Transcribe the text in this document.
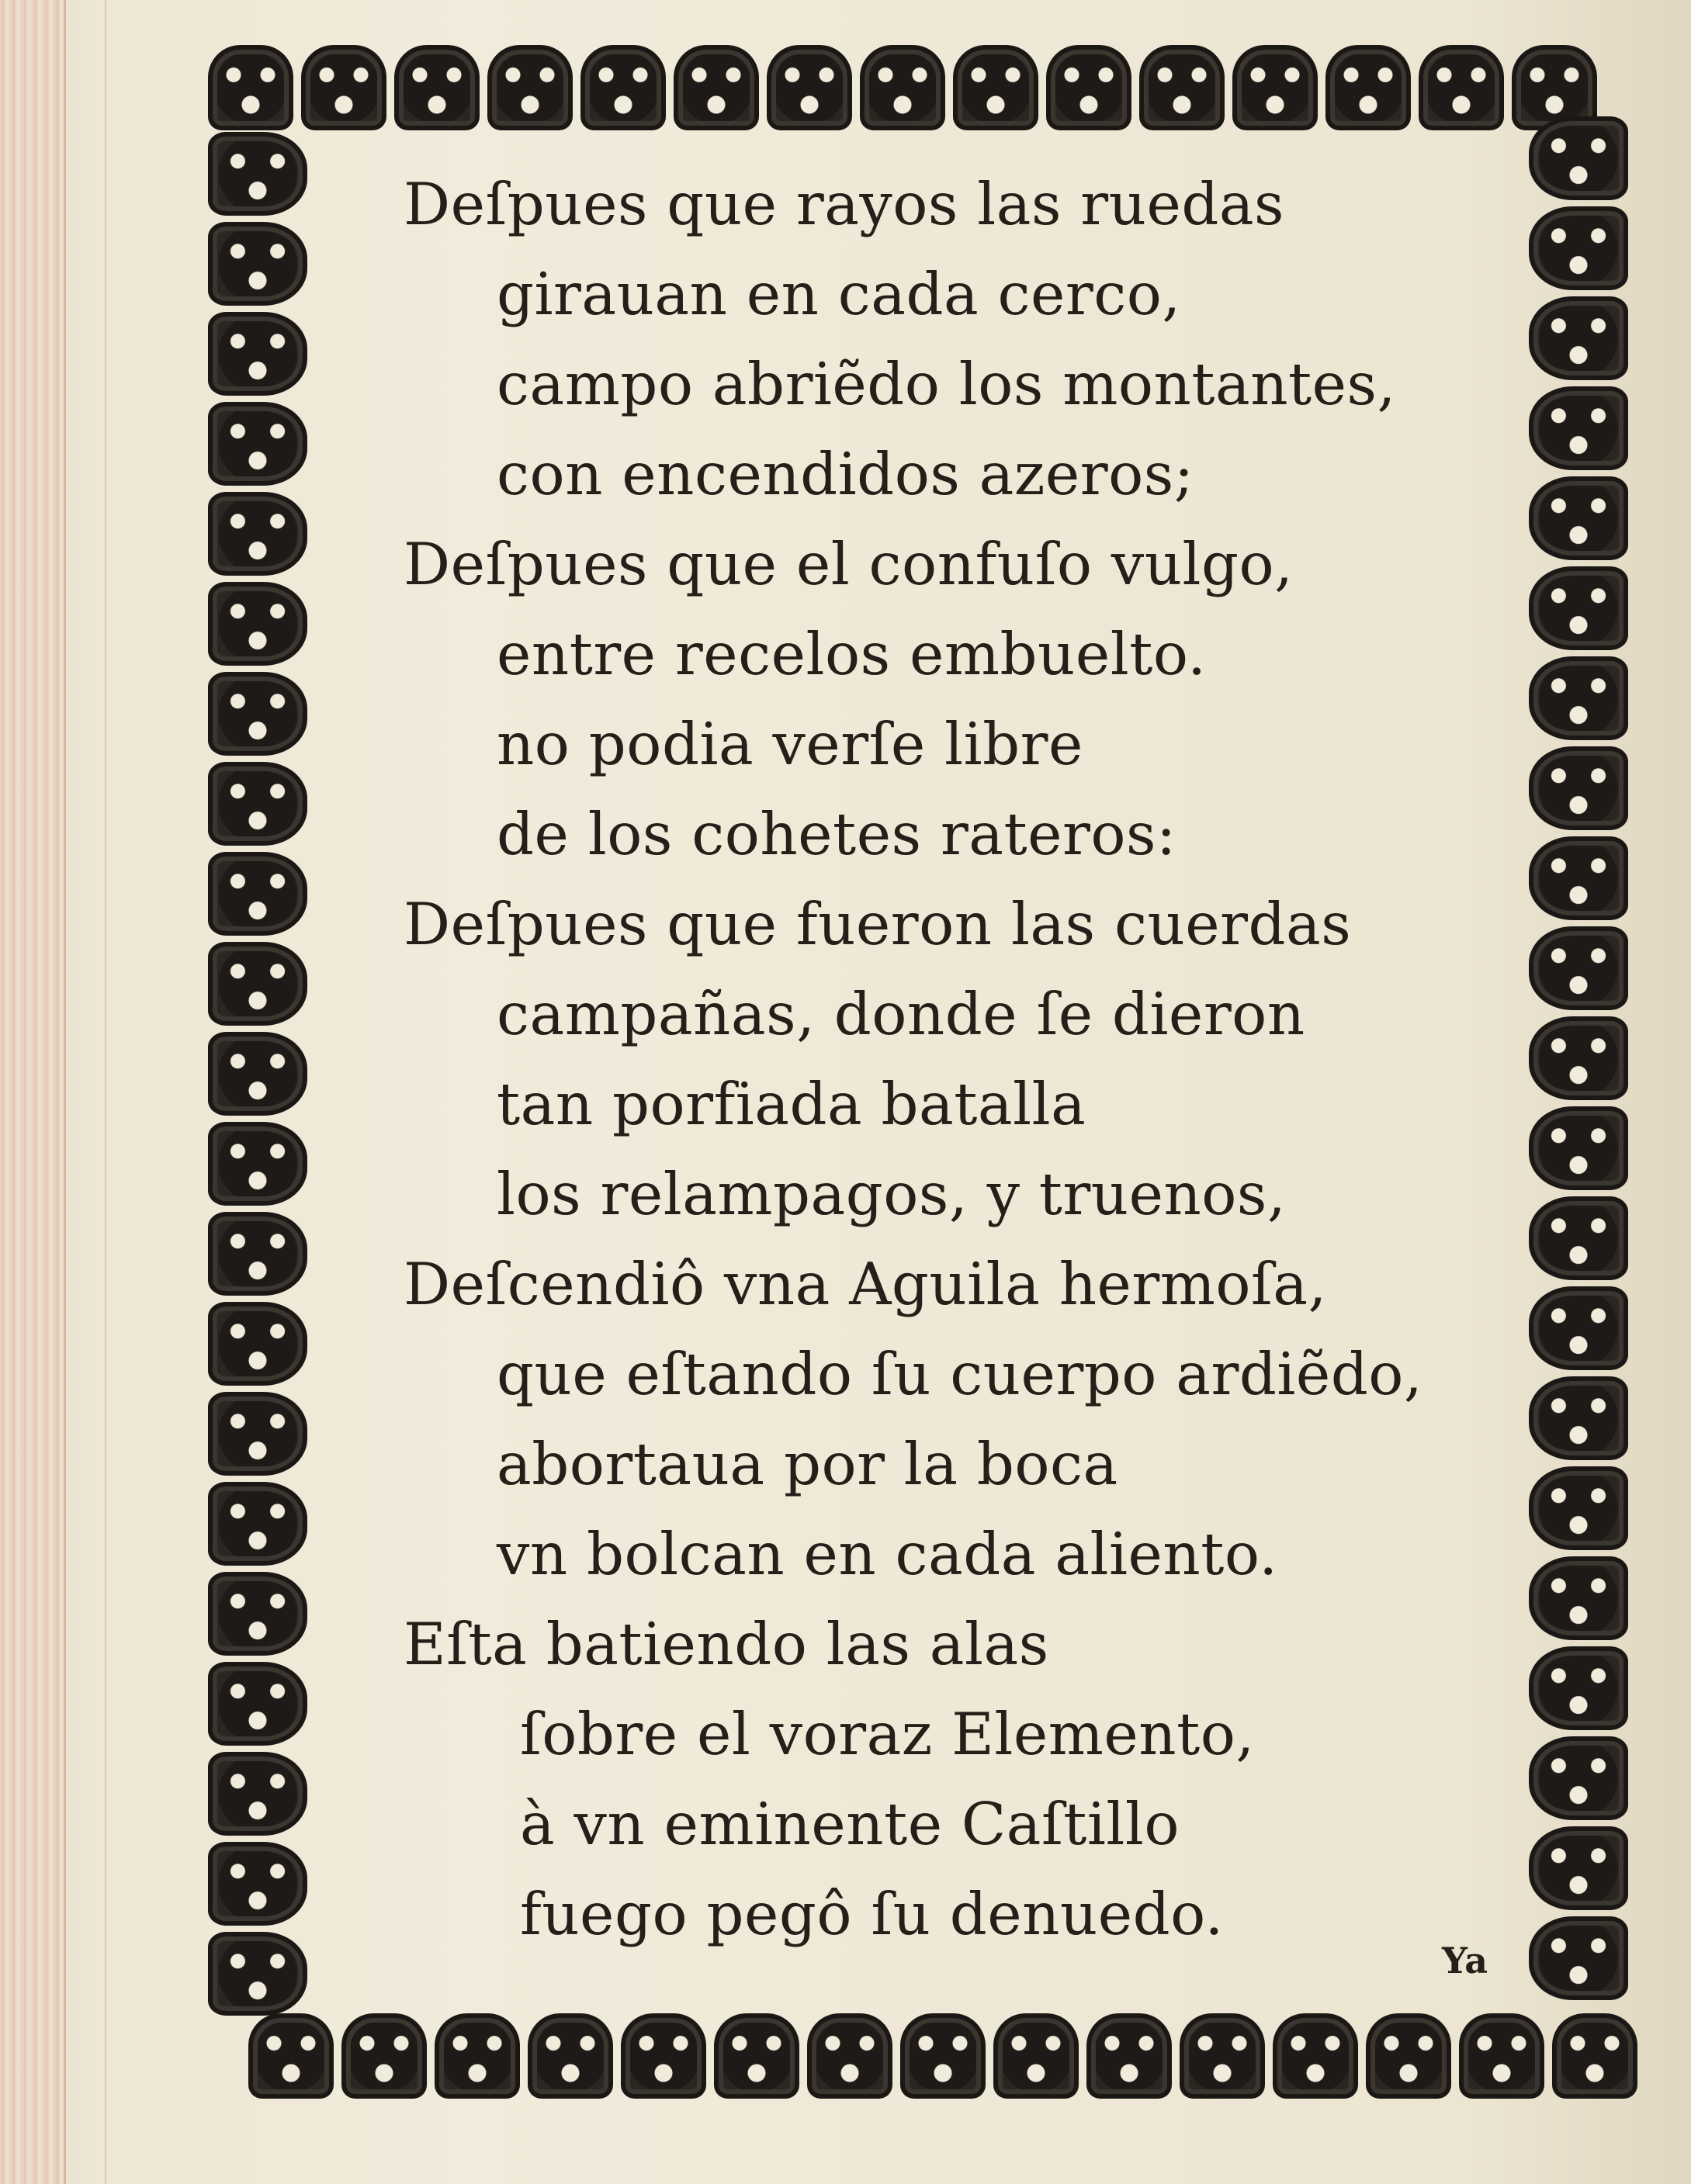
Deſpues que rayos las ruedas
girauan en cada cerco,
campo abriẽdo los montantes,
con encendidos azeros;
Deſpues que el confuſo vulgo,
entre recelos embuelto.
no podia verſe libre
de los cohetes rateros:
Deſpues que fueron las cuerdas
campañas, donde ſe dieron
tan porfiada batalla
los relampagos, y truenos,
Deſcendiô vna Aguila hermoſa,
que eſtando ſu cuerpo ardiẽdo,
abortaua por la boca
vn bolcan en cada aliento.
Eſta batiendo las alas
ſobre el voraz Elemento,
à vn eminente Caſtillo
fuego pegô ſu denuedo.
Ya
